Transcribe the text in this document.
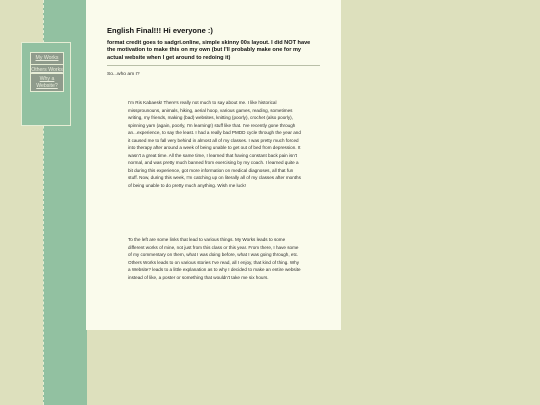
My Works
Others Works
Why a Website?
English Final!!! Hi everyone :)

format credit goes to sadgri.online, simple skinny 00s layout. I did NOT have the motivation to make this on my own (but I'll probably make one for my actual website when I get around to redoing it)

So...who am I?

I'm Ris Kabaesk! There's really not much to say about me. I like historical missprounouns, animals, hiking, aerial hoop, various games, reading, sometimes writing, my friends, making (bad) websites, knitting (poorly), crochet (also poorly), spinning yarn (again, poorly, I'm learning!) stuff like that. I've recently gone through an...experience, to say the least. I had a really bad PMDD cycle through the year and it caused me to fall very behind in almost all of my classes. I was pretty much forced into therapy after around a week of being unable to get out of bed from depression. It wasn't a great time. All the same time, I learned that having constant back pain isn't normal, and was pretty much banned from exercising by my coach. I learned quite a bit during this experience, got more information on medical diagnoses, all that fun stuff. Now, during this week, I'm catching up on literally all of my classes after months of being unable to do pretty much anything. Wish me luck!

To the left are some links that lead to various things. My Works leads to some different works of mine, not just from this class or this year. From there, I have some of my commentary on them, what I was doing before, what I was going through, etc. Others Works leads to on various stories I've read, all I enjoy, that kind of thing. Why a Website? leads to a little explanation as to why I decided to make an entire website instead of like, a poster or something that wouldn't take me six hours.
